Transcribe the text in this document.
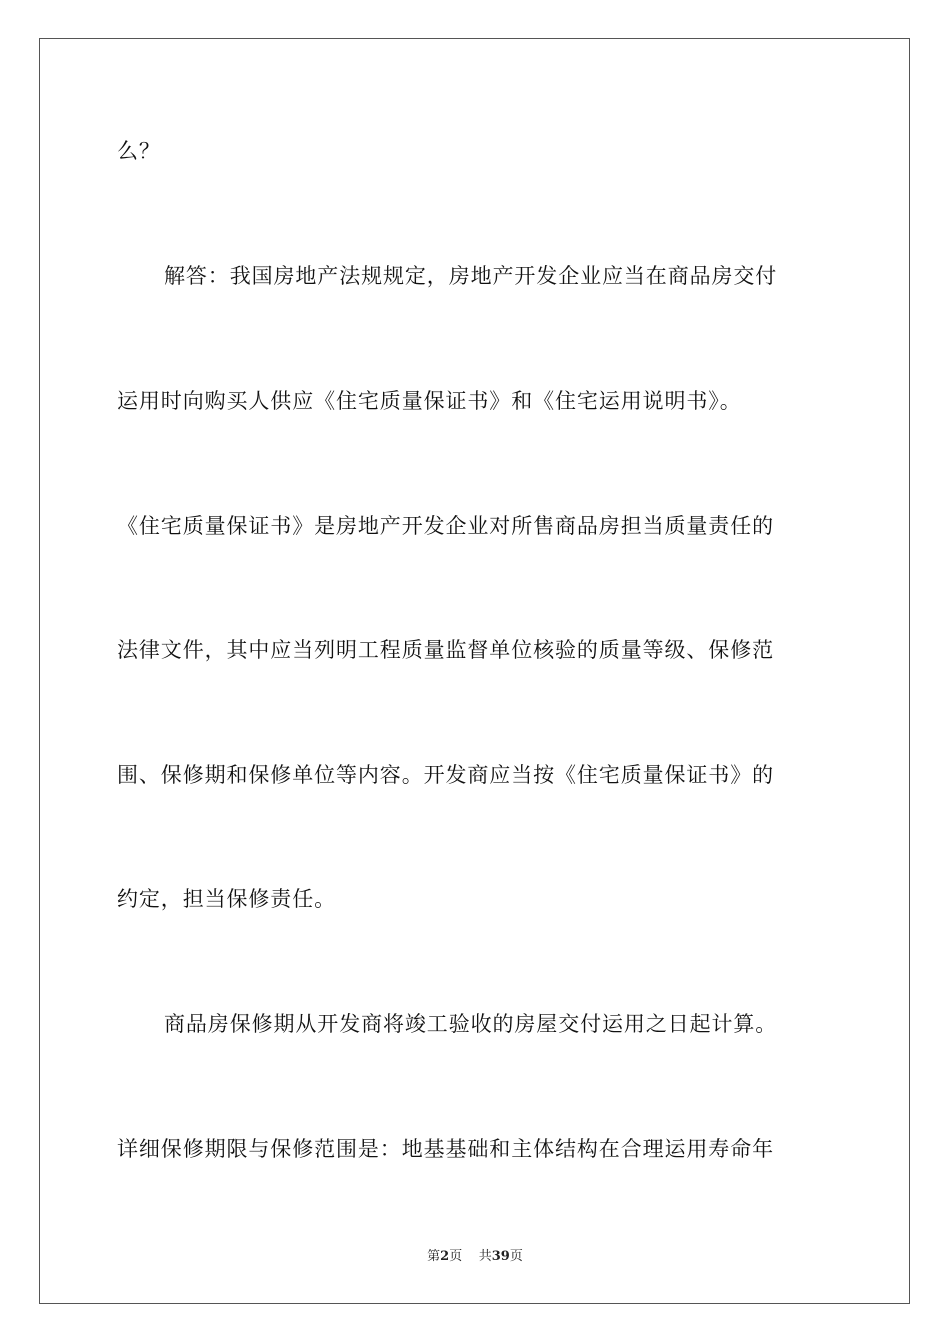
么？
解答：我国房地产法规规定，房地产开发企业应当在商品房交付
运用时向购买人供应《住宅质量保证书》和《住宅运用说明书》。
《住宅质量保证书》是房地产开发企业对所售商品房担当质量责任的
法律文件，其中应当列明工程质量监督单位核验的质量等级、保修范
围、保修期和保修单位等内容。开发商应当按《住宅质量保证书》的
约定，担当保修责任。
商品房保修期从开发商将竣工验收的房屋交付运用之日起计算。
详细保修期限与保修范围是：地基基础和主体结构在合理运用寿命年
第2页 共39页
